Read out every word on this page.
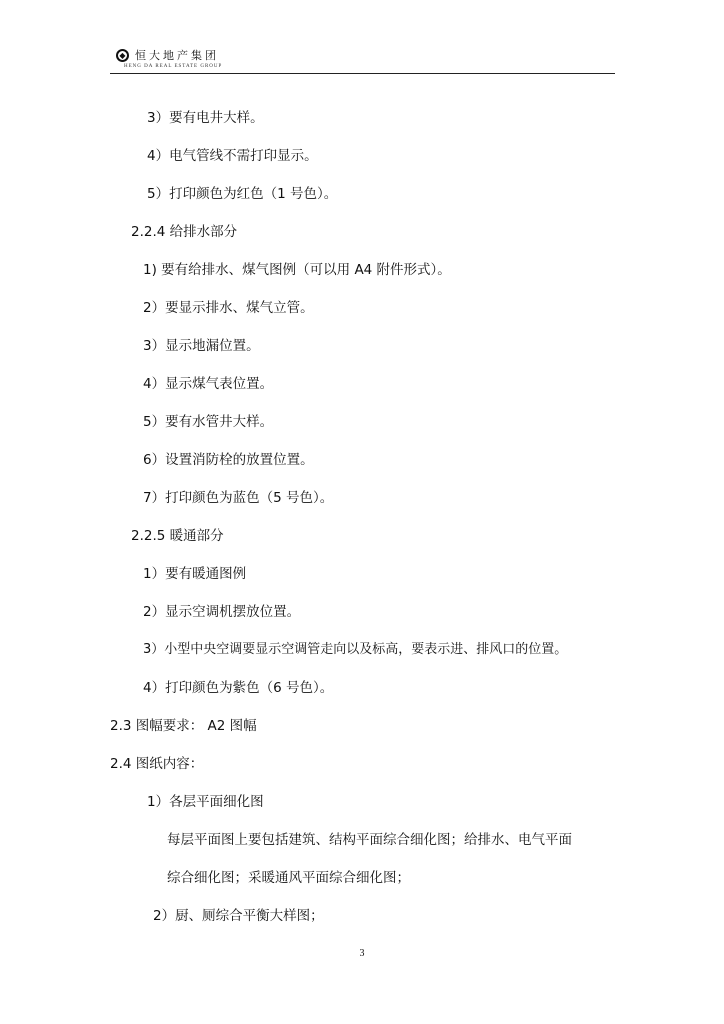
◆ 恒大地产集团
HENG DA REAL ESTATE GROUP
3）要有电井大样。
4）电气管线不需打印显示。
5）打印颜色为红色（1 号色）。
2.2.4 给排水部分
1) 要有给排水、煤气图例（可以用 A4 附件形式）。
2）要显示排水、煤气立管。
3）显示地漏位置。
4）显示煤气表位置。
5）要有水管井大样。
6）设置消防栓的放置位置。
7）打印颜色为蓝色（5 号色）。
2.2.5 暖通部分
1）要有暖通图例
2）显示空调机摆放位置。
3）小型中央空调要显示空调管走向以及标高，要表示进、排风口的位置。
4）打印颜色为紫色（6 号色）。
2.3 图幅要求： A2 图幅
2.4 图纸内容：
1）各层平面细化图
每层平面图上要包括建筑、结构平面综合细化图；给排水、电气平面
综合细化图；采暖通风平面综合细化图；
2）厨、厕综合平衡大样图；
3
